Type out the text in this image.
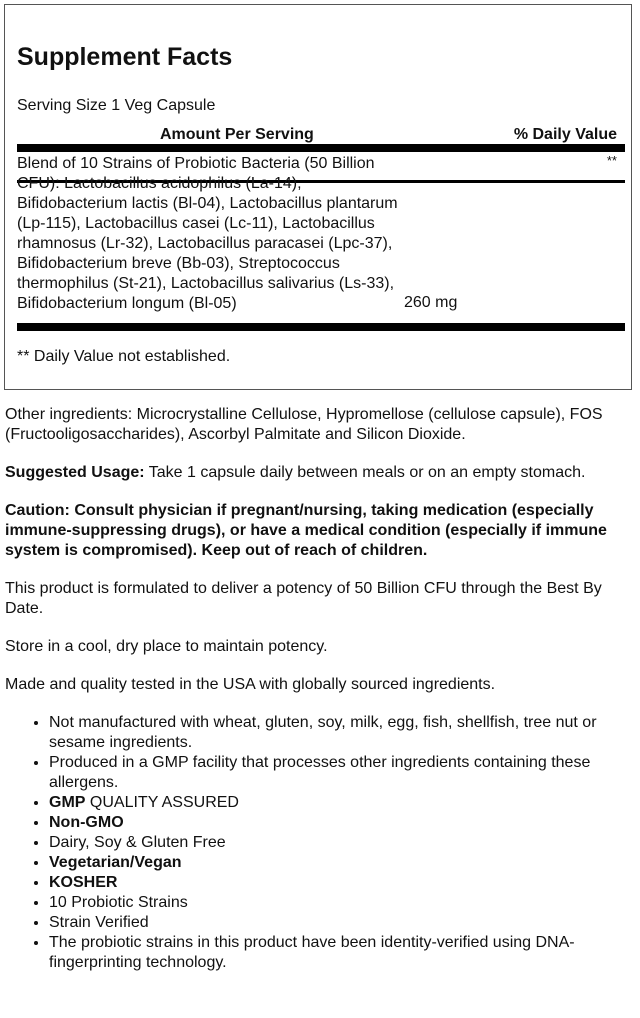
Supplement Facts
Serving Size 1 Veg Capsule
Amount Per Serving	% Daily Value
Blend of 10 Strains of Probiotic Bacteria (50 Billion
CFU): Lactobacillus acidophilus (La-14),
Bifidobacterium lactis (Bl-04), Lactobacillus plantarum
(Lp-115), Lactobacillus casei (Lc-11), Lactobacillus
rhamnosus (Lr-32), Lactobacillus paracasei (Lpc-37),
Bifidobacterium breve (Bb-03), Streptococcus
thermophilus (St-21), Lactobacillus salivarius (Ls-33),
Bifidobacterium longum (Bl-05)	260 mg
**
** Daily Value not established.

Other ingredients: Microcrystalline Cellulose, Hypromellose (cellulose capsule), FOS (Fructooligosaccharides), Ascorbyl Palmitate and Silicon Dioxide.

Suggested Usage: Take 1 capsule daily between meals or on an empty stomach.

Caution: Consult physician if pregnant/nursing, taking medication (especially immune-suppressing drugs), or have a medical condition (especially if immune system is compromised). Keep out of reach of children.

This product is formulated to deliver a potency of 50 Billion CFU through the Best By Date.

Store in a cool, dry place to maintain potency.

Made and quality tested in the USA with globally sourced ingredients.

• Not manufactured with wheat, gluten, soy, milk, egg, fish, shellfish, tree nut or sesame ingredients.
• Produced in a GMP facility that processes other ingredients containing these allergens.
• GMP QUALITY ASSURED
• Non-GMO
• Dairy, Soy & Gluten Free
• Vegetarian/Vegan
• KOSHER
• 10 Probiotic Strains
• Strain Verified
• The probiotic strains in this product have been identity-verified using DNA-fingerprinting technology.
